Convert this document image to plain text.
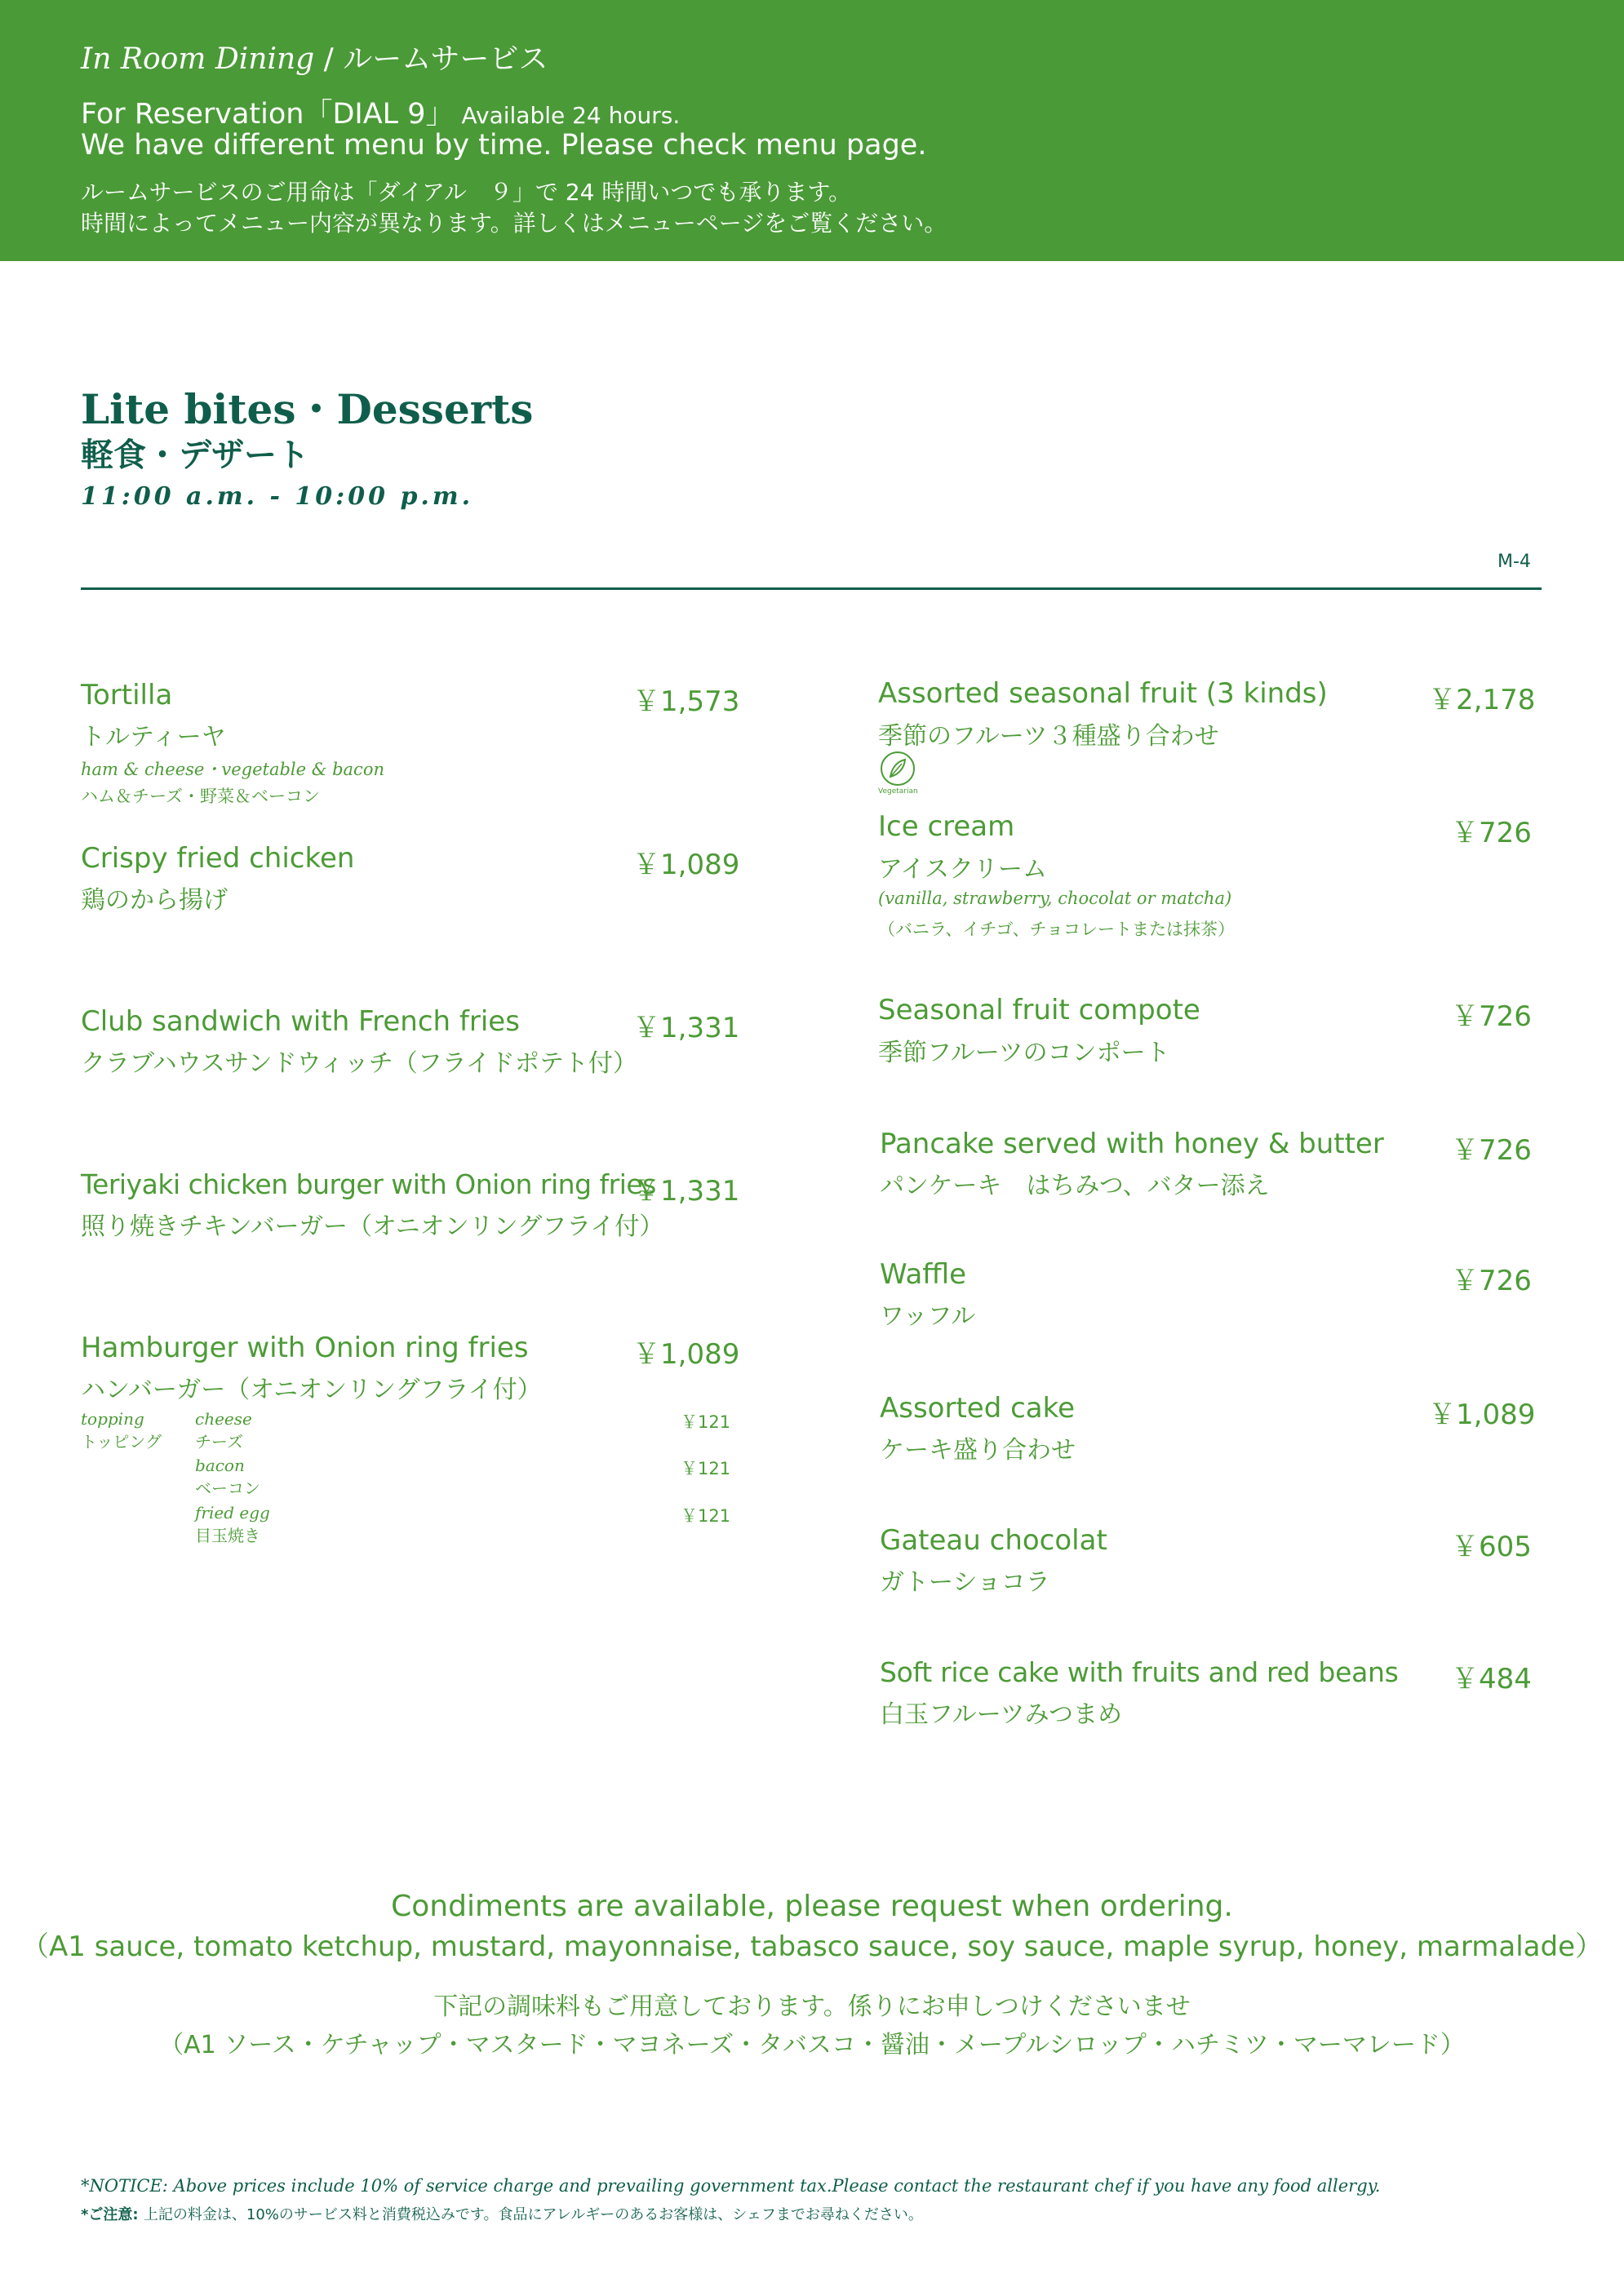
In Room Dining / ルームサービス
For Reservation「DIAL 9」 Available 24 hours.
We have different menu by time. Please check menu page.
ルームサービスのご用命は「ダイアル　９」で 24 時間いつでも承ります。
時間によってメニュー内容が異なります。詳しくはメニューページをご覧ください。
Lite bites・Desserts
軽食・デザート
11:00 a.m. - 10:00 p.m.
M-4
Tortilla	￥1,573
トルティーヤ
ham & cheese・vegetable & bacon
ハム＆チーズ・野菜＆ベーコン
Crispy fried chicken	￥1,089
鶏のから揚げ
Club sandwich with French fries	￥1,331
クラブハウスサンドウィッチ（フライドポテト付）
Teriyaki chicken burger with Onion ring fries
￥1,331
照り焼きチキンバーガー（オニオンリングフライ付）
Hamburger with Onion ring fries	￥1,089
ハンバーガー（オニオンリングフライ付）
topping
トッピング
cheese
チーズ
￥121
bacon
ベーコン
￥121
fried egg
目玉焼き
￥121
Assorted seasonal fruit (3 kinds)	￥2,178
季節のフルーツ３種盛り合わせ
Vegetarian
Ice cream	￥726
アイスクリーム
(vanilla, strawberry, chocolat or matcha)
（バニラ、イチゴ、チョコレートまたは抹茶）
Seasonal fruit compote	￥726
季節フルーツのコンポート
Pancake served with honey & butter ￥726
パンケーキ　はちみつ、バター添え
Waffle	￥726
ワッフル
Assorted cake	￥1,089
ケーキ盛り合わせ
Gateau chocolat	￥605
ガトーショコラ
Soft rice cake with fruits and red beans ￥484
白玉フルーツみつまめ
Condiments are available, please request when ordering.
（A1 sauce, tomato ketchup, mustard, mayonnaise, tabasco sauce, soy sauce, maple syrup, honey, marmalade）
下記の調味料もご用意しております。係りにお申しつけくださいませ
（A1 ソース・ケチャップ・マスタード・マヨネーズ・タバスコ・醤油・メープルシロップ・ハチミツ・マーマレード）
*NOTICE: Above prices include 10% of service charge and prevailing government tax.Please contact the restaurant chef if you have any food allergy.
*ご注意: 上記の料金は、10%のサービス料と消費税込みです。食品にアレルギーのあるお客様は、シェフまでお尋ねください。
